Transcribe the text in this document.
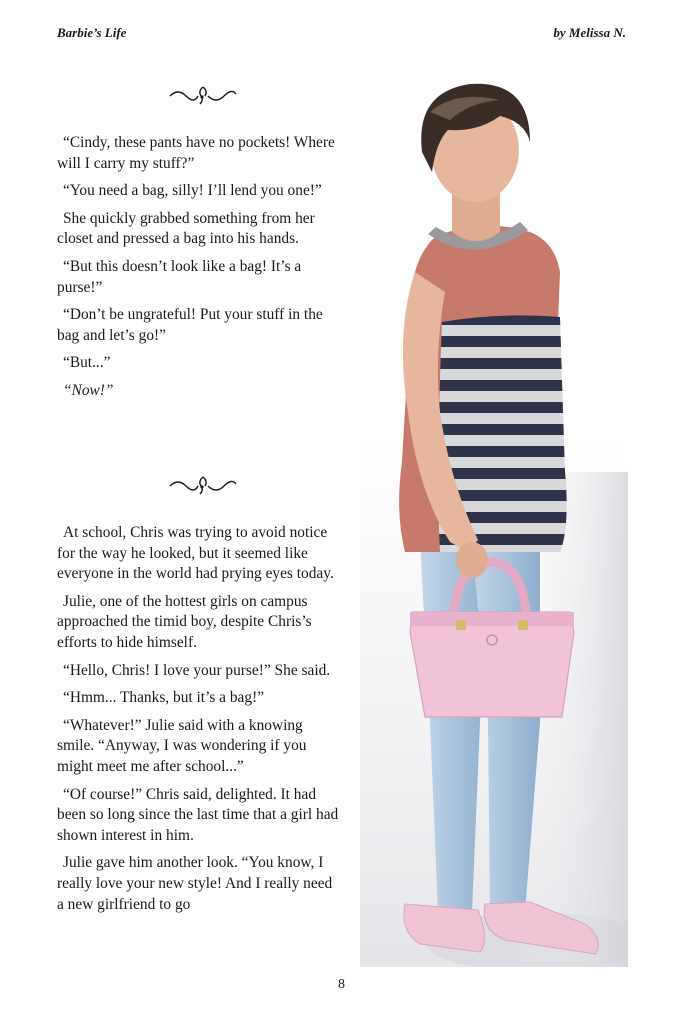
Barbie’s Life	by Melissa N.

“Cindy, these pants have no pockets! Where will I carry my stuff?”

“You need a bag, silly! I’ll lend you one!”

She quickly grabbed something from her closet and pressed a bag into his hands.

“But this doesn’t look like a bag! It’s a purse!”

“Don’t be ungrateful! Put your stuff in the bag and let’s go!”

“But...”

“Now!”

At school, Chris was trying to avoid notice for the way he looked, but it seemed like everyone in the world had prying eyes today.

Julie, one of the hottest girls on campus approached the timid boy, despite Chris’s efforts to hide himself.

“Hello, Chris! I love your purse!” She said.

“Hmm... Thanks, but it’s a bag!”

“Whatever!” Julie said with a knowing smile. “Anyway, I was wondering if you might meet me after school...”

“Of course!” Chris said, delighted. It had been so long since the last time that a girl had shown interest in him.

Julie gave him another look. “You know, I really love your new style! And I really need a new girlfriend to go

8
